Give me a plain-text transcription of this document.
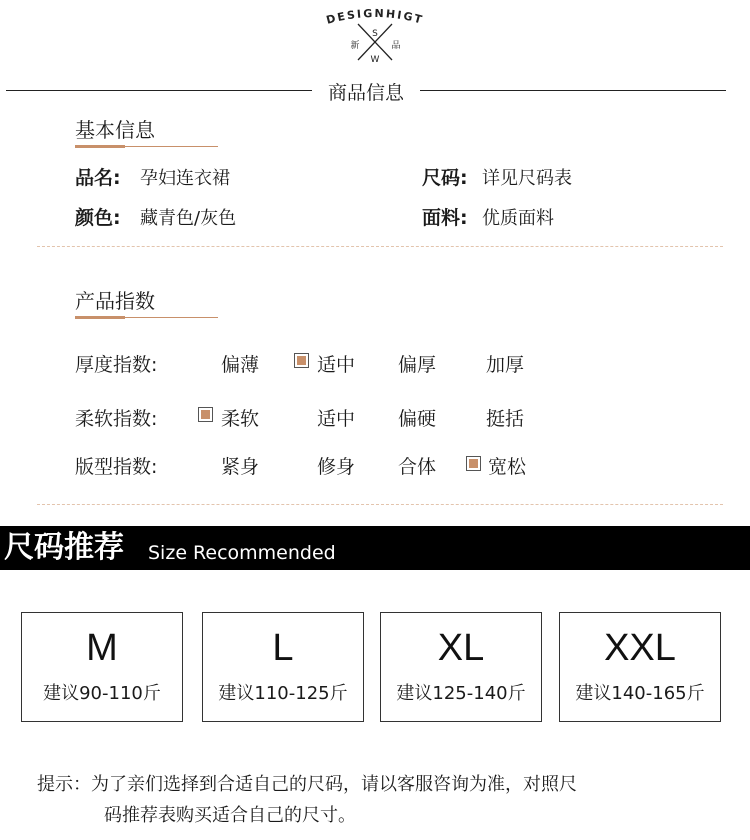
DESIGNHIGT
S
W
新	品
商品信息
基本信息
品名: 孕妇连衣裙	尺码: 详见尺码表
颜色: 藏青色/灰色	面料: 优质面料
产品指数
厚度指数:	偏薄	适中 偏厚	加厚
柔软指数:	柔软	适中 偏硬	挺括
版型指数:	紧身	修身 合体	宽松
尺码推荐 Size Recommended
M
建议90-110斤
L
建议110-125斤
XL
建议125-140斤
XXL
建议140-165斤
提示：为了亲们选择到合适自己的尺码，请以客服咨询为准，对照尺
码推荐表购买适合自己的尺寸。
